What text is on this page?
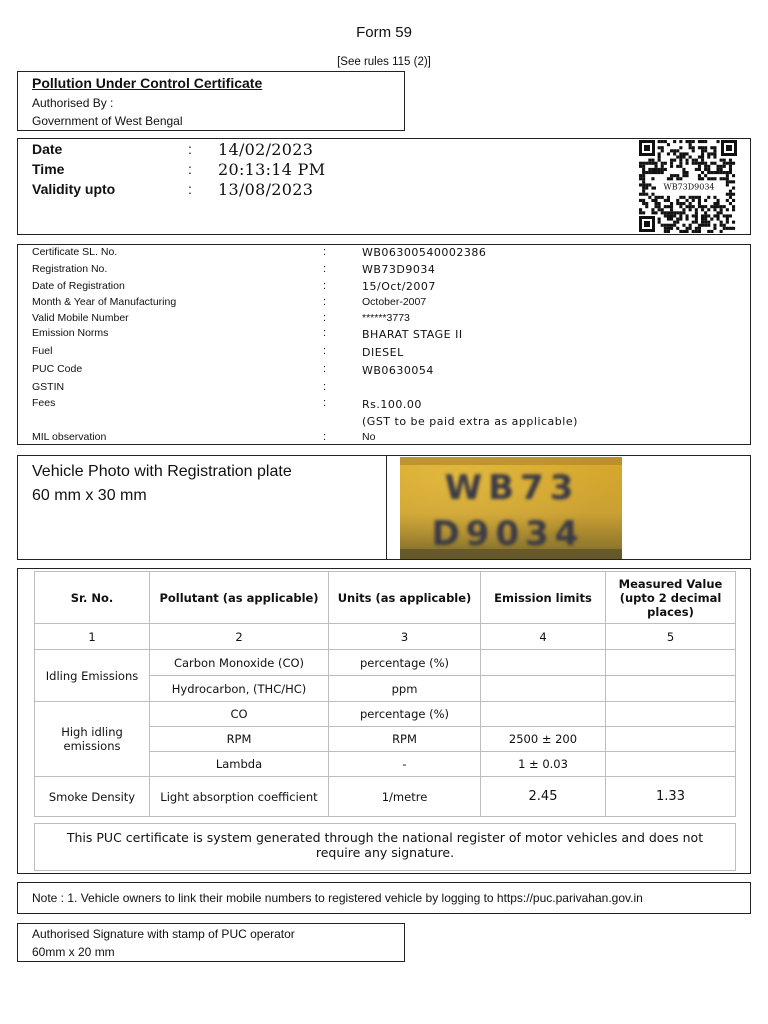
Form 59
[See rules 115 (2)]
Pollution Under Control Certificate
Authorised By :
Government of West Bengal
Date	: 14/02/2023
Time	: 20:13:14 PM
Validity upto	: 13/08/2023	WB73D9034
Certificate SL. No.	:	WB06300540002386
Registration No.	:	WB73D9034
Date of Registration	:	15/Oct/2007
Month & Year of Manufacturing	:	October-2007
Valid Mobile Number	:	******3773
Emission Norms	:	BHARAT STAGE II
Fuel	:	DIESEL
PUC Code	:	WB0630054
GSTIN	:
Fees	:	Rs.100.00
(GST to be paid extra as applicable)
MIL observation	:	No
Vehicle Photo with Registration plate
60 mm x 30 mm	WB73
D9034
Sr. No.	Pollutant (as applicable)	Units (as applicable)	Emission limits	Measured Value (upto 2 decimal places)
1	2	3	4	5
Idling Emissions	Carbon Monoxide (CO)	percentage (%)		
	Hydrocarbon, (THC/HC)	ppm		
High idling emissions	CO	percentage (%)		
	RPM	RPM	2500 ± 200	
	Lambda	-	1 ± 0.03	
Smoke Density	Light absorption coefficient	1/metre	2.45	1.33
This PUC certificate is system generated through the national register of motor vehicles and does not require any signature.
Note : 1. Vehicle owners to link their mobile numbers to registered vehicle by logging to https://puc.parivahan.gov.in
Authorised Signature with stamp of PUC operator
60mm x 20 mm
